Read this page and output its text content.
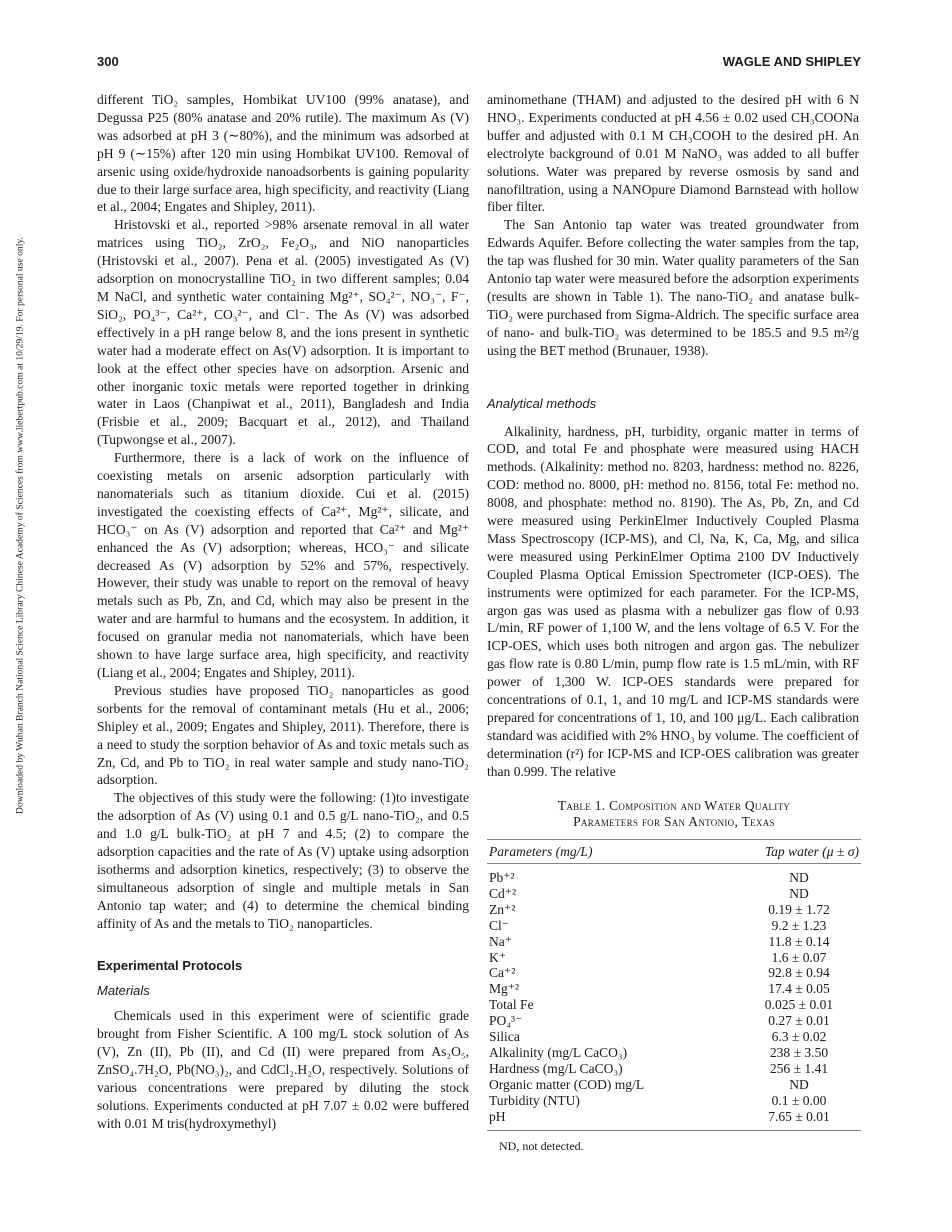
300	WAGLE AND SHIPLEY
Downloaded by Wuhan Branch National Science Library Chinese Academy of Sciences from www.liebertpub.com at 10/29/19. For personal use only.

different TiO₂ samples, Hombikat UV100 (99% anatase), and Degussa P25 (80% anatase and 20% rutile). The maximum As (V) was adsorbed at pH 3 (∼80%), and the minimum was adsorbed at pH 9 (∼15%) after 120 min using Hombikat UV100. Removal of arsenic using oxide/hydroxide nanoadsorbents is gaining popularity due to their large surface area, high specificity, and reactivity (Liang et al., 2004; Engates and Shipley, 2011).

Hristovski et al., reported >98% arsenate removal in all water matrices using TiO₂, ZrO₂, Fe₂O₃, and NiO nanoparticles (Hristovski et al., 2007). Pena et al. (2005) investigated As (V) adsorption on monocrystalline TiO₂ in two different samples; 0.04 M NaCl, and synthetic water containing Mg²⁺, SO₄²⁻, NO₃⁻, F⁻, SiO₂, PO₄³⁻, Ca²⁺, CO₃²⁻, and Cl⁻. The As (V) was adsorbed effectively in a pH range below 8, and the ions present in synthetic water had a moderate effect on As(V) adsorption. It is important to look at the effect other species have on adsorption. Arsenic and other inorganic toxic metals were reported together in drinking water in Laos (Chanpiwat et al., 2011), Bangladesh and India (Frisbie et al., 2009; Bacquart et al., 2012), and Thailand (Tupwongse et al., 2007).

Furthermore, there is a lack of work on the influence of coexisting metals on arsenic adsorption particularly with nanomaterials such as titanium dioxide. Cui et al. (2015) investigated the coexisting effects of Ca²⁺, Mg²⁺, silicate, and HCO₃⁻ on As (V) adsorption and reported that Ca²⁺ and Mg²⁺ enhanced the As (V) adsorption; whereas, HCO₃⁻ and silicate decreased As (V) adsorption by 52% and 57%, respectively. However, their study was unable to report on the removal of heavy metals such as Pb, Zn, and Cd, which may also be present in the water and are harmful to humans and the ecosystem. In addition, it focused on granular media not nanomaterials, which have been shown to have large surface area, high specificity, and reactivity (Liang et al., 2004; Engates and Shipley, 2011).

Previous studies have proposed TiO₂ nanoparticles as good sorbents for the removal of contaminant metals (Hu et al., 2006; Shipley et al., 2009; Engates and Shipley, 2011). Therefore, there is a need to study the sorption behavior of As and toxic metals such as Zn, Cd, and Pb to TiO₂ in real water sample and study nano-TiO₂ adsorption.

The objectives of this study were the following: (1)to investigate the adsorption of As (V) using 0.1 and 0.5 g/L nano-TiO₂, and 0.5 and 1.0 g/L bulk-TiO₂ at pH 7 and 4.5; (2) to compare the adsorption capacities and the rate of As (V) uptake using adsorption isotherms and adsorption kinetics, respectively; (3) to observe the simultaneous adsorption of single and multiple metals in San Antonio tap water; and (4) to determine the chemical binding affinity of As and the metals to TiO₂ nanoparticles.

Experimental Protocols
Materials

Chemicals used in this experiment were of scientific grade brought from Fisher Scientific. A 100 mg/L stock solution of As (V), Zn (II), Pb (II), and Cd (II) were prepared from As₂O₅, ZnSO₄.7H₂O, Pb(NO₃)₂, and CdCl₂.H₂O, respectively. Solutions of various concentrations were prepared by diluting the stock solutions. Experiments conducted at pH 7.07 ± 0.02 were buffered with 0.01 M tris(hydroxymethyl)

aminomethane (THAM) and adjusted to the desired pH with 6 N HNO₃. Experiments conducted at pH 4.56 ± 0.02 used CH₃COONa buffer and adjusted with 0.1 M CH₃COOH to the desired pH. An electrolyte background of 0.01 M NaNO₃ was added to all buffer solutions. Water was prepared by reverse osmosis by sand and nanofiltration, using a NANOpure Diamond Barnstead with hollow fiber filter.

The San Antonio tap water was treated groundwater from Edwards Aquifer. Before collecting the water samples from the tap, the tap was flushed for 30 min. Water quality parameters of the San Antonio tap water were measured before the adsorption experiments (results are shown in Table 1). The nano-TiO₂ and anatase bulk-TiO₂ were purchased from Sigma-Aldrich. The specific surface area of nano- and bulk-TiO₂ was determined to be 185.5 and 9.5 m²/g using the BET method (Brunauer, 1938).

Analytical methods

Alkalinity, hardness, pH, turbidity, organic matter in terms of COD, and total Fe and phosphate were measured using HACH methods. (Alkalinity: method no. 8203, hardness: method no. 8226, COD: method no. 8000, pH: method no. 8156, total Fe: method no. 8008, and phosphate: method no. 8190). The As, Pb, Zn, and Cd were measured using PerkinElmer Inductively Coupled Plasma Mass Spectroscopy (ICP-MS), and Cl, Na, K, Ca, Mg, and silica were measured using PerkinElmer Optima 2100 DV Inductively Coupled Plasma Optical Emission Spectrometer (ICP-OES). The instruments were optimized for each parameter. For the ICP-MS, argon gas was used as plasma with a nebulizer gas flow of 0.93 L/min, RF power of 1,100 W, and the lens voltage of 6.5 V. For the ICP-OES, which uses both nitrogen and argon gas. The nebulizer gas flow rate is 0.80 L/min, pump flow rate is 1.5 mL/min, with RF power of 1,300 W. ICP-OES standards were prepared for concentrations of 0.1, 1, and 10 mg/L and ICP-MS standards were prepared for concentrations of 1, 10, and 100 μg/L. Each calibration standard was acidified with 2% HNO₃ by volume. The coefficient of determination (r²) for ICP-MS and ICP-OES calibration was greater than 0.999. The relative

Table 1. Composition and Water Quality
Parameters for San Antonio, Texas
Parameters (mg/L)	Tap water (μ ± σ)
Pb⁺²	ND
Cd⁺²	ND
Zn⁺²	0.19 ± 1.72
Cl⁻	9.2 ± 1.23
Na⁺	11.8 ± 0.14
K⁺	1.6 ± 0.07
Ca⁺²	92.8 ± 0.94
Mg⁺²	17.4 ± 0.05
Total Fe	0.025 ± 0.01
PO₄³⁻	0.27 ± 0.01
Silica	6.3 ± 0.02
Alkalinity (mg/L CaCO₃)	238 ± 3.50
Hardness (mg/L CaCO₃)	256 ± 1.41
Organic matter (COD) mg/L	ND
Turbidity (NTU)	0.1 ± 0.00
pH	7.65 ± 0.01
ND, not detected.
